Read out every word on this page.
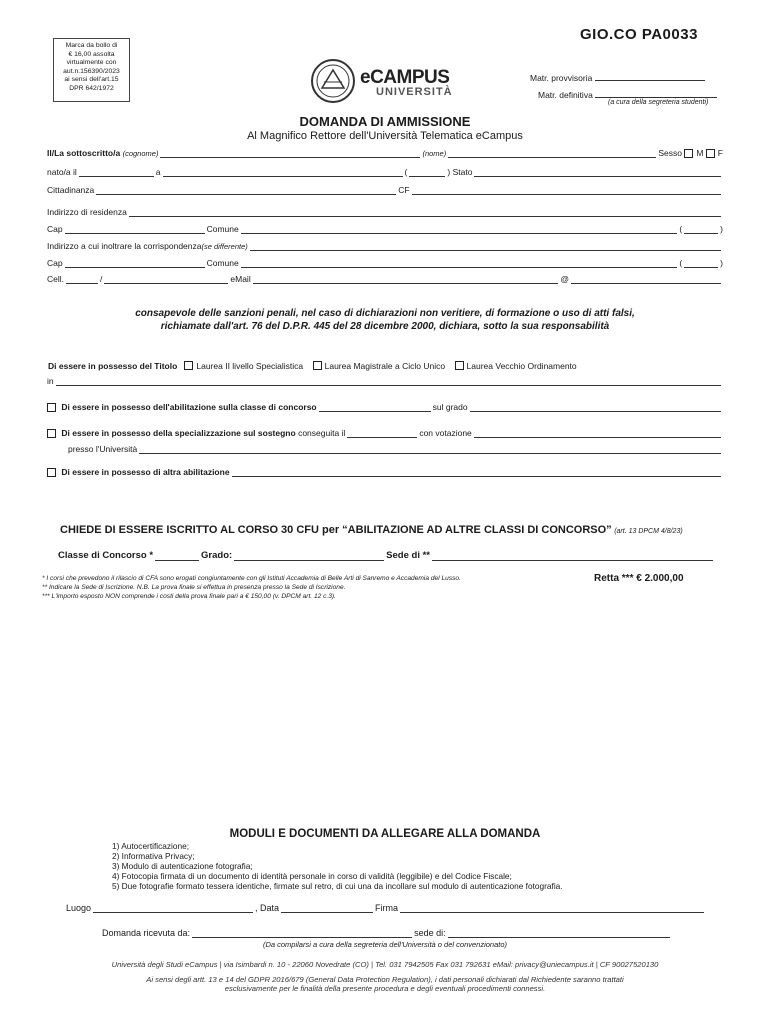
GIO.CO PA0033
Marca da bollo di
€ 16,00 assolta
virtualmente con
aut.n.156390/2023
ai sensi dell'art.15
DPR 642/1972	eCAMPUS
UNIVERSITÀ
Matr. provvisoria
Matr. definitiva
(a cura della segreteria studenti)
DOMANDA DI AMMISSIONE
Al Magnifico Rettore dell'Università Telematica eCampus
Il/La sottoscritto/a
(cognome)	(nome)	Sesso
M
F
nato/a il	a	(	)
Stato
Cittadinanza	CF
Indirizzo di residenza
Cap	Comune	(	)
Indirizzo a cui inoltrare la corrispondenza (se differente)
Cap	Comune	(	)
Cell.	/	eMail	@
consapevole delle sanzioni penali, nel caso di dichiarazioni non veritiere, di formazione o uso di atti falsi,
richiamate dall'art. 76 del D.P.R. 445 del 28 dicembre 2000, dichiara, sotto la sua responsabilità
Di essere in possesso del Titolo Laurea II livello Specialistica	Laurea Magistrale a Ciclo Unico	Laurea Vecchio Ordinamento
in

Di essere in possesso dell'abilitazione sulla classe di concorso	sul grado

Di essere in possesso della specializzazione sul sostegno
conseguita il	con votazione
presso l'Università

Di essere in possesso di altra abilitazione
CHIEDE DI ESSERE ISCRITTO AL CORSO 30 CFU per “ABILITAZIONE AD ALTRE CLASSI DI CONCORSO” (art. 13 DPCM 4/8/23)
Classe di Concorso *	Grado:	Sede di **
* I corsi che prevedono il rilascio di CFA sono erogati congiuntamente con gli Istituti Accademia di Belle Arti di Sanremo e Accademia del Lusso.
** Indicare la Sede di Iscrizione. N.B. La prova finale si effettua in presenza presso la Sede di Iscrizione.
*** L'importo esposto NON comprende i costi della prova finale pari a € 150,00 (v. DPCM art. 12 c.3).
Retta *** € 2.000,00
MODULI E DOCUMENTI DA ALLEGARE ALLA DOMANDA
1) Autocertificazione;
2) Informativa Privacy;
3) Modulo di autenticazione fotografia;
4) Fotocopia firmata di un documento di identità personale in corso di validità (leggibile) e del Codice Fiscale;
5) Due fotografie formato tessera identiche, firmate sul retro, di cui una da incollare sul modulo di autenticazione fotografia.
Luogo	, Data	Firma
Domanda ricevuta da:	sede di:
(Da compilarsi a cura della segreteria dell'Università o del convenzionato)
Università degli Studi eCampus | via Isimbardi n. 10 - 22060 Novedrate (CO) | Tel. 031 7942505 Fax 031 792631 eMail: privacy@uniecampus.it | CF 90027520130
Ai sensi degli artt. 13 e 14 del GDPR 2016/679 (General Data Protection Regulation), i dati personali dichiarati dal Richiedente saranno trattati
esclusivamente per le finalità della presente procedura e degli eventuali procedimenti connessi.
